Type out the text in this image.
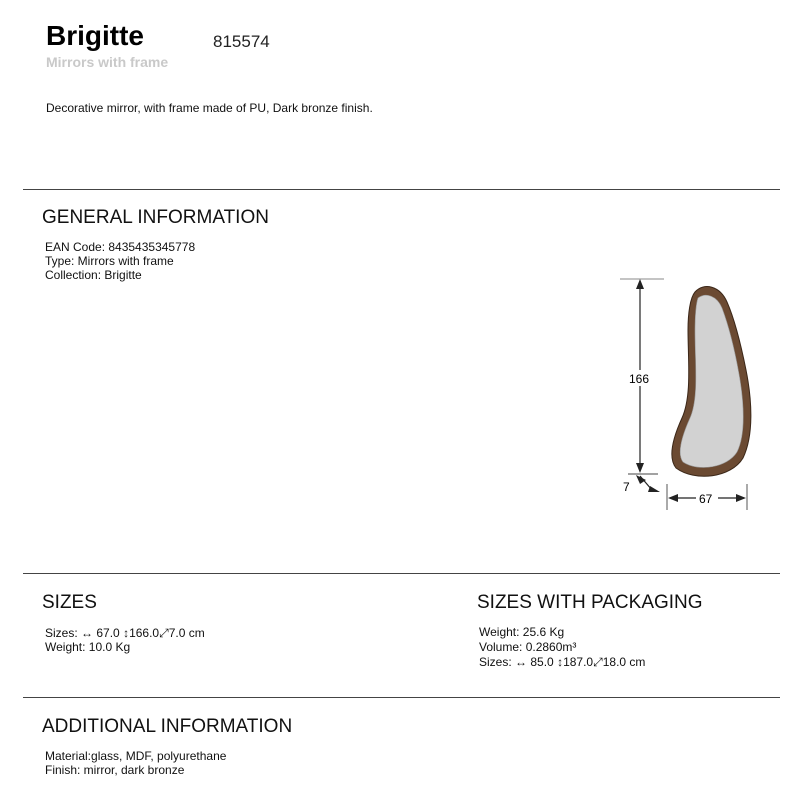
Brigitte	815574
Mirrors with frame
Decorative mirror, with frame made of PU, Dark bronze finish.
GENERAL INFORMATION
EAN Code: 8435435345778
Type: Mirrors with frame
Collection: Brigitte
166
7
67
SIZES
Sizes: ↔ 67.0 ↕166.0⤢7.0 cm
Weight: 10.0 Kg
SIZES WITH PACKAGING
Weight: 25.6 Kg
Volume: 0.2860m³
Sizes: ↔ 85.0 ↕187.0⤢18.0 cm
ADDITIONAL INFORMATION
Material:glass, MDF, polyurethane
Finish: mirror, dark bronze
